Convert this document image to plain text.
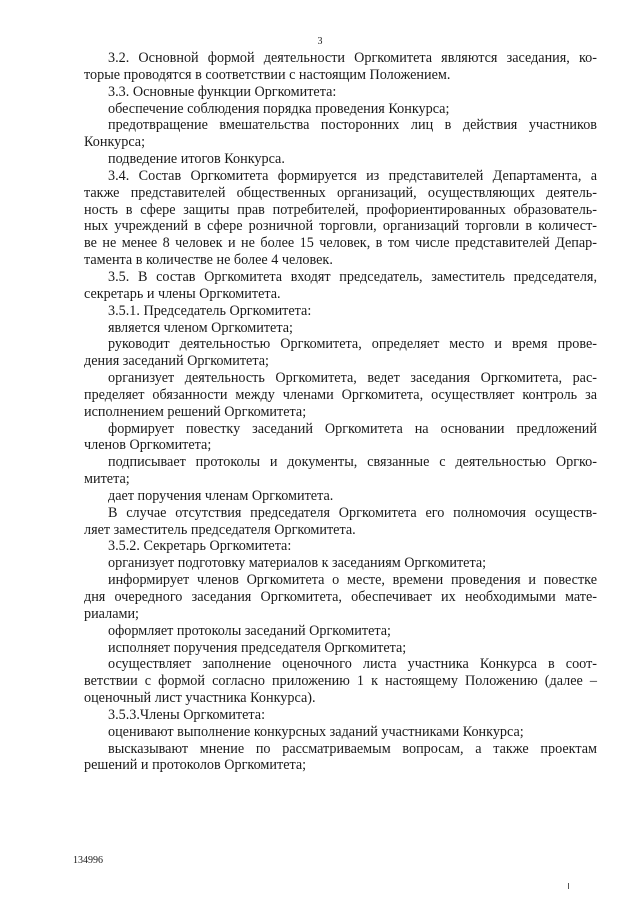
3
3.2. Основной формой деятельности Оргкомитета являются заседания, ко-
торые проводятся в соответствии с настоящим Положением.
3.3. Основные функции Оргкомитета:
обеспечение соблюдения порядка проведения Конкурса;
предотвращение вмешательства посторонних лиц в действия участников
Конкурса;
подведение итогов Конкурса.
3.4. Состав Оргкомитета формируется из представителей Департамента, а
также представителей общественных организаций, осуществляющих деятель-
ность в сфере защиты прав потребителей, профориентированных образователь-
ных учреждений в сфере розничной торговли, организаций торговли в количест-
ве не менее 8 человек и не более 15 человек, в том числе представителей Депар-
тамента в количестве не более 4 человек.
3.5. В состав Оргкомитета входят председатель, заместитель председателя,
секретарь и члены Оргкомитета.
3.5.1. Председатель Оргкомитета:
является членом Оргкомитета;
руководит деятельностью Оргкомитета, определяет место и время прове-
дения заседаний Оргкомитета;
организует деятельность Оргкомитета, ведет заседания Оргкомитета, рас-
пределяет обязанности между членами Оргкомитета, осуществляет контроль за
исполнением решений Оргкомитета;
формирует повестку заседаний Оргкомитета на основании предложений
членов Оргкомитета;
подписывает протоколы и документы, связанные с деятельностью Оргко-
митета;
дает поручения членам Оргкомитета.
В случае отсутствия председателя Оргкомитета его полномочия осуществ-
ляет заместитель председателя Оргкомитета.
3.5.2. Секретарь Оргкомитета:
организует подготовку материалов к заседаниям Оргкомитета;
информирует членов Оргкомитета о месте, времени проведения и повестке
дня очередного заседания Оргкомитета, обеспечивает их необходимыми мате-
риалами;
оформляет протоколы заседаний Оргкомитета;
исполняет поручения председателя Оргкомитета;
осуществляет заполнение оценочного листа участника Конкурса в соот-
ветствии с формой согласно приложению 1 к настоящему Положению (далее –
оценочный лист участника Конкурса).
3.5.3.Члены Оргкомитета:
оценивают выполнение конкурсных заданий участниками Конкурса;
высказывают мнение по рассматриваемым вопросам, а также проектам
решений и протоколов Оргкомитета;
134996
